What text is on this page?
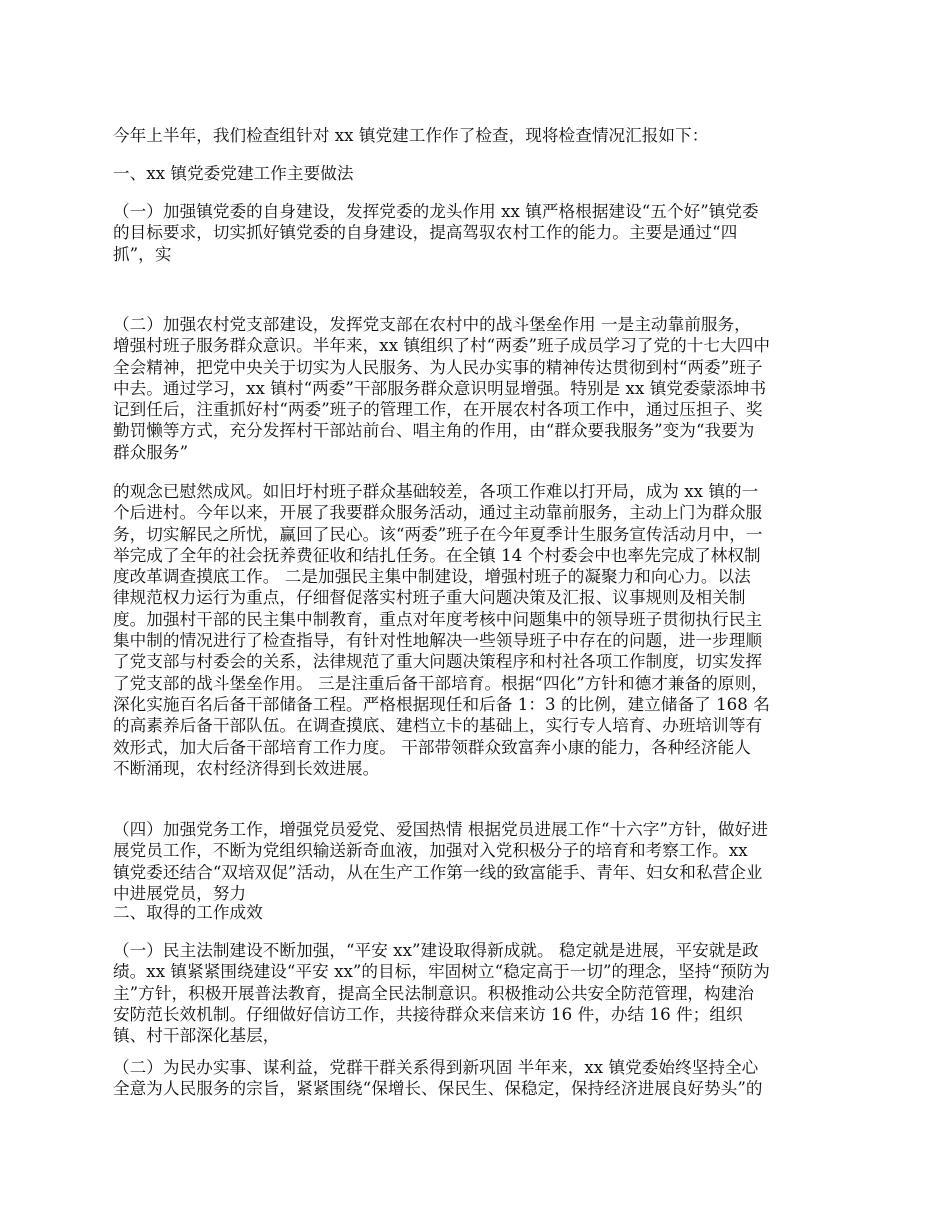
今年上半年，我们检查组针对 xx 镇党建工作作了检查，现将检查情况汇报如下：

一、xx 镇党委党建工作主要做法

（一）加强镇党委的自身建设，发挥党委的龙头作用 xx 镇严格根据建设“五个好”镇党委
的目标要求，切实抓好镇党委的自身建设，提高驾驭农村工作的能力。主要是通过“四
抓”，实

（二）加强农村党支部建设，发挥党支部在农村中的战斗堡垒作用 一是主动靠前服务，
增强村班子服务群众意识。半年来，xx 镇组织了村“两委”班子成员学习了党的十七大四中
全会精神，把党中央关于切实为人民服务、为人民办实事的精神传达贯彻到村“两委”班子
中去。通过学习，xx 镇村“两委”干部服务群众意识明显增强。特别是 xx 镇党委蒙添坤书
记到任后，注重抓好村“两委”班子的管理工作，在开展农村各项工作中，通过压担子、奖
勤罚懒等方式，充分发挥村干部站前台、唱主角的作用，由“群众要我服务”变为“我要为
群众服务”

的观念已慰然成风。如旧圩村班子群众基础较差，各项工作难以打开局，成为 xx 镇的一
个后进村。今年以来，开展了我要群众服务活动，通过主动靠前服务，主动上门为群众服
务，切实解民之所忧，赢回了民心。该“两委”班子在今年夏季计生服务宣传活动月中，一
举完成了全年的社会抚养费征收和结扎任务。在全镇 14 个村委会中也率先完成了林权制
度改革调查摸底工作。 二是加强民主集中制建设，增强村班子的凝聚力和向心力。以法
律规范权力运行为重点，仔细督促落实村班子重大问题决策及汇报、议事规则及相关制
度。加强村干部的民主集中制教育，重点对年度考核中问题集中的领导班子贯彻执行民主
集中制的情况进行了检查指导，有针对性地解决一些领导班子中存在的问题，进一步理顺
了党支部与村委会的关系，法律规范了重大问题决策程序和村社各项工作制度，切实发挥
了党支部的战斗堡垒作用。 三是注重后备干部培育。根据“四化”方针和德才兼备的原则，
深化实施百名后备干部储备工程。严格根据现任和后备 1：3 的比例，建立储备了 168 名
的高素养后备干部队伍。在调查摸底、建档立卡的基础上，实行专人培育、办班培训等有
效形式，加大后备干部培育工作力度。 干部带领群众致富奔小康的能力，各种经济能人
不断涌现，农村经济得到长效进展。

（四）加强党务工作，增强党员爱党、爱国热情 根据党员进展工作“十六字”方针，做好进
展党员工作，不断为党组织输送新奇血液，加强对入党积极分子的培育和考察工作。xx
镇党委还结合“双培双促”活动，从在生产工作第一线的致富能手、青年、妇女和私营企业
中进展党员，努力

二、取得的工作成效

（一）民主法制建设不断加强，“平安 xx”建设取得新成就。 稳定就是进展，平安就是政
绩。xx 镇紧紧围绕建设“平安 xx”的目标，牢固树立“稳定高于一切”的理念，坚持“预防为
主”方针，积极开展普法教育，提高全民法制意识。积极推动公共安全防范管理，构建治
安防范长效机制。仔细做好信访工作，共接待群众来信来访 16 件，办结 16 件；组织
镇、村干部深化基层，

（二）为民办实事、谋利益，党群干群关系得到新巩固 半年来，xx 镇党委始终坚持全心
全意为人民服务的宗旨，紧紧围绕“保增长、保民生、保稳定，保持经济进展良好势头”的
